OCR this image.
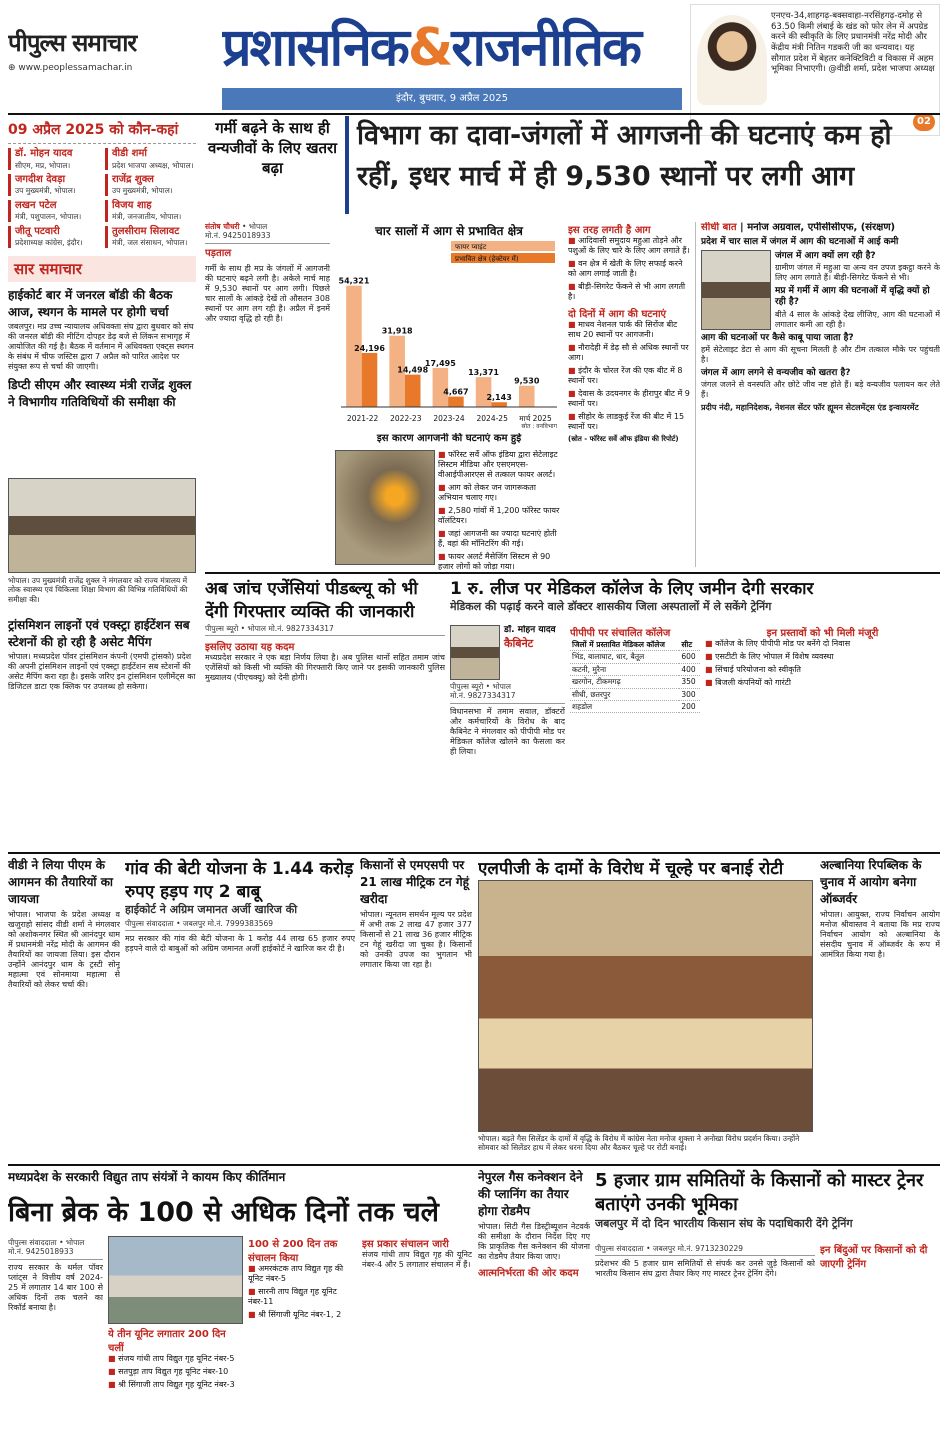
पीपुल्स समाचार
⊕ www.peoplessamachar.in	प्रशासनिक&राजनीतिक
इंदौर, बुधवार, 9 अप्रैल 2025
एनएच-34,शाहगढ़-बक्सवाहा-नरसिंहगढ़-दमोह से 63.50 किमी लंबाई के खंड को फोर लेन में अपग्रेड करने की स्वीकृति के लिए प्रधानमंत्री नरेंद्र मोदी और केंद्रीय मंत्री नितिन गडकरी जी का धन्यवाद। यह सौगात प्रदेश में बेहतर कनेक्टिविटी व विकास में अहम भूमिका निभाएगी। @वीडी शर्मा, प्रदेश भाजपा अध्यक्ष
02
09 अप्रैल 2025 को कौन-कहां
डॉ. मोहन यादव
सीएम, मप्र, भोपाल।
वीडी शर्मा
प्रदेश भाजपा अध्यक्ष, भोपाल।
जगदीश देवड़ा
उप मुख्यमंत्री, भोपाल।
राजेंद्र शुक्ल
उप मुख्यमंत्री, भोपाल।
लखन पटेल
मंत्री, पशुपालन, भोपाल।
विजय शाह
मंत्री, जनजातीय, भोपाल।
जीतू पटवारी
प्रदेशाध्यक्ष कांग्रेस, इंदौर।
तुलसीराम सिलावट
मंत्री, जल संसाधन, भोपाल।
सार समाचार
हाईकोर्ट बार में जनरल बॉडी की बैठक आज, स्थगन के मामले पर होगी चर्चा

जबलपुर। मप्र उच्च न्यायालय अधिवक्ता संघ द्वारा बुधवार को संघ की जनरल बॉडी की मीटिंग दोपहर डेढ़ बजे से लिंकन सभागृह में आयोजित की गई है। बैठक में वर्तमान में अधिवक्ता एक्ट्स स्थगन के संबंध में चीफ जस्टिस द्वारा 7 अप्रैल को पारित आदेश पर संयुक्त रूप से चर्चा की जाएगी।

डिप्टी सीएम और स्वास्थ्य मंत्री राजेंद्र शुक्ल ने विभागीय गतिविधियों की समीक्षा की

भोपाल। उप मुख्यमंत्री राजेंद्र शुक्ल ने मंगलवार को राज्य मंत्रालय में लोक स्वास्थ्य एवं चिकित्सा शिक्षा विभाग की विभिन्न गतिविधियों की समीक्षा की।

ट्रांसमिशन लाइनों एवं एक्स्ट्रा हाईटेंशन सब स्टेशनों की हो रही है असेट मैपिंग

भोपाल। मध्यप्रदेश पॉवर ट्रांसमिशन कंपनी (एमपी ट्रांसको) प्रदेश की अपनी ट्रांसमिशन लाइनों एवं एक्स्ट्रा हाईटेंशन सब स्टेशनों की असेट मैपिंग करा रहा है। इसके जरिए इन ट्रांसमिशन एलीमेंट्स का डिजिटल डाटा एक क्लिक पर उपलब्ध हो सकेगा।

गर्मी बढ़ने के साथ ही वन्यजीवों के लिए खतरा बढ़ा
विभाग का दावा-जंगलों में आगजनी की घटनाएं कम हो रहीं, इधर मार्च में ही 9,530 स्थानों पर लगी आग
संतोष चौधरी • भोपाल
मो.नं. 9425018933
पड़ताल

गर्मी के साथ ही मप्र के जंगलों में आगजनी की घटनाएं बढ़ने लगी है। अकेले मार्च माह में 9,530 स्थानों पर आग लगी। पिछले चार सालों के आंकड़े देखें तो औसतन 308 स्थानों पर आग लग रही है। अप्रैल में इनमें और ज्यादा वृद्धि हो रही है।

चार सालों में आग से प्रभावित क्षेत्र
फायर प्वाइंट
प्रभावित क्षेत्र (हेक्टेयर में)
54,321
24,196
2021-22
31,918
14,498
2022-23
17,495
4,667
2023-24
13,371
2,143
2024-25
9,530
मार्च 2025
स्रोत : वनविभाग
इस कारण आगजनी की घटनाएं कम हुई
■ फॉरेस्ट सर्वे ऑफ इंडिया द्वारा सेटेलाइट सिस्टम मीडिया और एसएमएस-वीआईपीआरएस से तत्काल फायर अलर्ट।
■ आग को लेकर जन जागरूकता अभियान चलाए गए।
■ 2,580 गांवों में 1,200 फॉरेस्ट फायर वॉलंटियर।
■ जहां आगजनी का ज्यादा घटनाएं होती हैं, वहां की मॉनिटरिंग की गई।
■ फायर अलर्ट मैसेजिंग सिस्टम से 90 हजार लोगों को जोड़ा गया।
इस तरह लगती है आग
■ आदिवासी समुदाय महुआ तोड़ने और पशुओं के लिए चारे के लिए आग लगाते हैं।
■ वन क्षेत्र में खेती के लिए सफाई करने को आग लगाई जाती है।
■ बीड़ी-सिगरेट फेंकने से भी आग लगती है।
दो दिनों में आग की घटनाएं
■ माधव नेशनल पार्क की सिरोंज बीट साथ 20 स्थानों पर आगजनी।
■ नौरादेही में डेढ़ सौ से अधिक स्थानों पर आग।
■ इंदौर के चोरल रेंज की एक बीट में 8 स्थानों पर।
■ देवास के उदयनगर के हीरापुर बीट में 9 स्थानों पर।
■ सीहोर के लाडकुई रेंज की बीट में 15 स्थानों पर।
(स्रोत - फॉरेस्ट सर्वे ऑफ इंडिया की रिपोर्ट)
सीधी बात | मनोज अग्रवाल, एपीसीसीएफ, (संरक्षण)
प्रदेश में चार साल में जंगल में आग की घटनाओं में आई कमी
जंगल में आग क्यों लग रही है?

ग्रामीण जंगल में महुआ या अन्य वन उपज इकट्ठा करने के लिए आग लगाते हैं। बीड़ी-सिगरेट फेंकने से भी।

मप्र में गर्मी में आग की घटनाओं में वृद्धि क्यों हो रही है?

बीते 4 साल के आंकड़े देख लीजिए, आग की घटनाओं में लगातार कमी आ रही है।

आग की घटनाओं पर कैसे काबू पाया जाता है?

हमें सेटेलाइट डेटा से आग की सूचना मिलती है और टीम तत्काल मौके पर पहुंचती है।

जंगल में आग लगने से वन्यजीव को खतरा है?

जंगल जलने से वनस्पति और छोटे जीव नष्ट होते हैं। बड़े वन्यजीव पलायन कर लेते हैं।

प्रदीप नंदी, महानिदेशक, नेशनल सेंटर फॉर ह्यूमन सेटलमेंट्स एंड इन्वायरमेंट

अब जांच एजेंसियां पीडब्ल्यू को भी देंगी गिरफ्तार व्यक्ति की जानकारी
पीपुल्स ब्यूरो • भोपाल मो.नं. 9827334317
इसलिए उठाया यह कदम

मध्यप्रदेश सरकार ने एक बड़ा निर्णय लिया है। अब पुलिस थानों सहित तमाम जांच एजेंसियों को किसी भी व्यक्ति की गिरफ्तारी किए जाने पर इसकी जानकारी पुलिस मुख्यालय (पीएचक्यू) को देनी होगी।

1 रु. लीज पर मेडिकल कॉलेज के लिए जमीन देगी सरकार
मेडिकल की पढ़ाई करने वाले डॉक्टर शासकीय जिला अस्पतालों में ले सकेंगे ट्रेनिंग
डॉ. मोहन यादव
कैबिनेट
पीपुल्स ब्यूरो • भोपाल
मो.नं. 9827334317

विधानसभा में तमाम सवाल, डॉक्टरों और कर्मचारियों के विरोध के बाद कैबिनेट ने मंगलवार को पीपीपी मोड पर मेडिकल कॉलेज खोलने का फैसला कर ही लिया।

पीपीपी पर संचालित कॉलेज
जिलों में प्रस्तावित मेडिकल कॉलेज	सीट
भिंड, बालाघाट, धार, बैतूल	600
कटनी, मुरैना	400
खरगोन, टीकमगढ़	350
सीधी, छतरपुर	300
शहडोल	200
इन प्रस्तावों को भी मिली मंजूरी
■ कॉलेज के लिए पीपीपी मोड पर बनेंगे दो निवास
■ एसटीटी के लिए भाेपाल में विशेष व्यवस्था
■ सिंचाई परियोजना को स्वीकृति
■ बिजली कंपनियों को गारंटी
वीडी ने लिया पीएम के आगमन की तैयारियों का जायजा

भोपाल। भाजपा के प्रदेश अध्यक्ष व खजुराहो सांसद वीडी शर्मा ने मंगलवार को अशोकनगर स्थित श्री आनंदपुर धाम में प्रधानमंत्री नरेंद्र मोदी के आगमन की तैयारियों का जायजा लिया। इस दौरान उन्होंने आनंदपुर धाम के ट्रस्टी सोनू महात्मा एवं सोनमाया महात्मा से तैयारियों को लेकर चर्चा की।

गांव की बेटी योजना के 1.44 करोड़ रुपए हड़प गए 2 बाबू
हाईकोर्ट ने अग्रिम जमानत अर्जी खारिज की
पीपुल्स संवाददाता • जबलपुर मो.नं. 7999383569

मप्र सरकार की गांव की बेटी योजना के 1 करोड़ 44 लाख 65 हजार रुपए हड़पने वाले दो बाबुओं को अग्रिम जमानत अर्जी हाईकोर्ट ने खारिज कर दी है।

किसानों से एमएसपी पर 21 लाख मीट्रिक टन गेहूं खरीदा

भोपाल। न्यूनतम समर्थन मूल्य पर प्रदेश में अभी तक 2 लाख 47 हजार 377 किसानों से 21 लाख 36 हजार मीट्रिक टन गेहूं खरीदा जा चुका है। किसानों को उनकी उपज का भुगतान भी लगातार किया जा रहा है।

एलपीजी के दामों के विरोध में चूल्हे पर बनाई रोटी

भोपाल। बढ़ते गैस सिलेंडर के दामों में वृद्धि के विरोध में कांग्रेस नेता मनोज शुक्ला ने अनोखा विरोध प्रदर्शन किया। उन्होंने सोमवार को सिलेंडर हाथ में लेकर धरना दिया और बैठकर चूल्हे पर रोटी बनाई।

अल्बानिया रिपब्लिक के चुनाव में आयोग बनेगा ऑब्जर्वर

भोपाल। आयुक्त, राज्य निर्वाचन आयोग मनोज श्रीवास्तव ने बताया कि मप्र राज्य निर्वाचन आयोग को अल्बानिया के संसदीय चुनाव में ऑब्जर्वर के रूप में आमंत्रित किया गया है।

मध्यप्रदेश के सरकारी विद्युत ताप संयंत्रों ने कायम किए कीर्तिमान
बिना ब्रेक के 100 से अधिक दिनों तक चले
पीपुल्स संवाददाता • भोपाल
मो.नं. 9425018933

राज्य सरकार के थर्मल पॉवर प्लांट्स ने वित्तीय वर्ष 2024-25 में लगातार 14 बार 100 से अधिक दिनों तक चलने का रिकॉर्ड बनाया है।

ये तीन यूनिट लगातार 200 दिन चलीं
■ संजय गांधी ताप विद्युत गृह यूनिट नंबर-5
■ सतपुड़ा ताप विद्युत गृह यूनिट नंबर-10
■ श्री सिंगाजी ताप विद्युत गृह यूनिट नंबर-3
100 से 200 दिन तक संचालन किया
■ अमरकंटक ताप विद्युत गृह की यूनिट नंबर-5
■ सारनी ताप विद्युत गृह यूनिट नंबर-11
■ श्री सिंगाजी यूनिट नंबर-1, 2
इस प्रकार संचालन जारी

संजय गांधी ताप विद्युत गृह की यूनिट नंबर-4 और 5 लगातार संचालन में हैं।

नेपुरल गैस कनेक्शन देने की प्लानिंग का तैयार होगा रोडमैप

भोपाल। सिटी गैस डिस्ट्रीब्यूशन नेटवर्क की समीक्षा के दौरान निर्देश दिए गए कि प्राकृतिक गैस कनेक्शन की योजना का रोडमैप तैयार किया जाए।

आत्मनिर्भरता की ओर कदम
5 हजार ग्राम समितियों के किसानों को मास्टर ट्रेनर बताएंगे उनकी भूमिका
जबलपुर में दो दिन भारतीय किसान संघ के पदाधिकारी देंगे ट्रेनिंग
पीपुल्स संवाददाता • जबलपुर मो.नं. 9713230229

प्रदेशभर की 5 हजार ग्राम समितियों से संपर्क कर उनसे जुड़े किसानों को भारतीय किसान संघ द्वारा तैयार किए गए मास्टर ट्रेनर ट्रेनिंग देंगे।

इन बिंदुओं पर किसानों को दी जाएगी ट्रेनिंग
